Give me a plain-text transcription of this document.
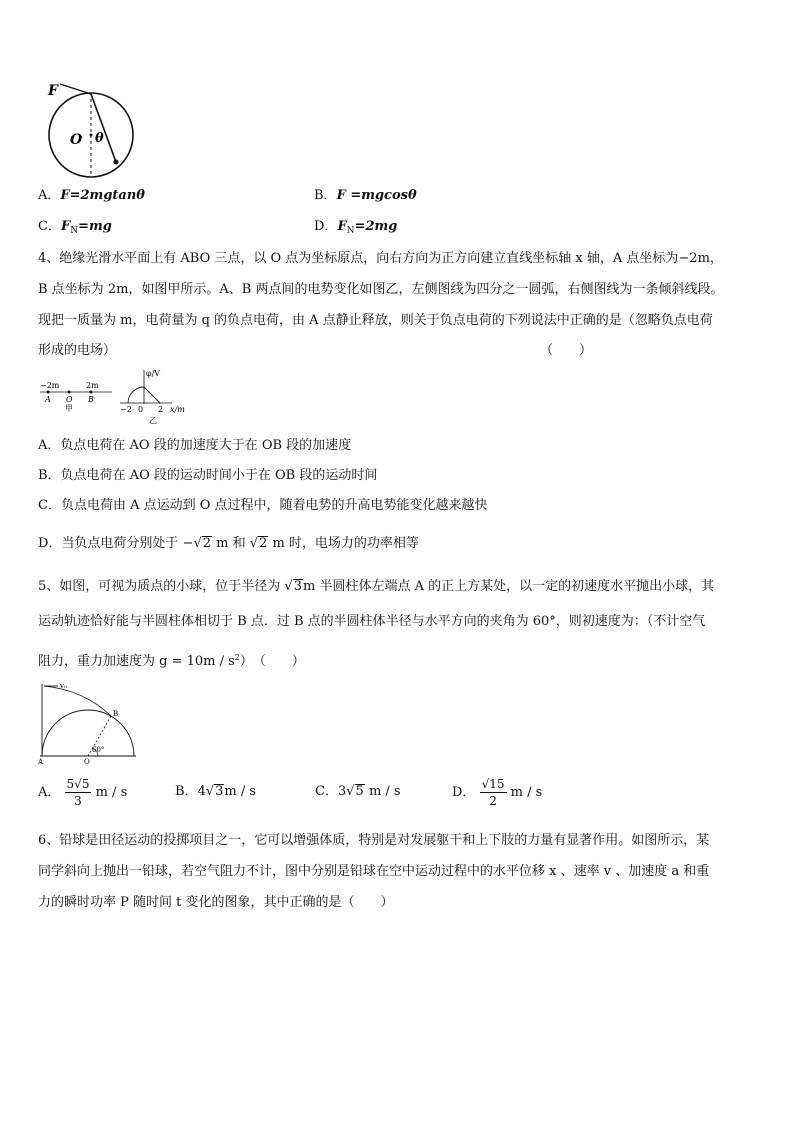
F
O θ
A．F=2mgtanθ	B．F =mgcosθ
C．$F_N=mg$	D．$F_N=2mg$
4、绝缘光滑水平面上有 ABO 三点，以 O 点为坐标原点，向右方向为正方向建立直线坐标轴 x 轴，A 点坐标为−2m，
B 点坐标为 2m，如图甲所示。A、B 两点间的电势变化如图乙，左侧图线为四分之一圆弧，右侧图线为一条倾斜线段。
现把一质量为 m，电荷量为 q 的负点电荷，由 A 点静止释放，则关于负点电荷的下列说法中正确的是（忽略负点电荷
形成的电场）	（　　）
−2m	2m
A O B
甲
φ/V
x/m
−2 0 2
乙
A．负点电荷在 AO 段的加速度大于在 OB 段的加速度
B．负点电荷在 AO 段的运动时间小于在 OB 段的运动时间
C．负点电荷由 A 点运动到 O 点过程中，随着电势的升高电势能变化越来越快
D．当负点电荷分别处于 −√2 m 和 √2 m 时，电场力的功率相等
5、如图，可视为质点的小球，位于半径为 √3m 半圆柱体左端点 A 的正上方某处，以一定的初速度水平抛出小球，其
运动轨迹恰好能与半圆柱体相切于 B 点．过 B 点的半圆柱体半径与水平方向的夹角为 60°，则初速度为：（不计空气
阻力，重力加速度为 $g = 10m / s^2$）　（　　）
v₀
B
A	O
60°
A． $\frac{5√5}{3}$ m / s	B．4√3m / s	C．3√5 m / s	D． $\frac{√15}{2}$ m / s
6、铅球是田径运动的投掷项目之一，它可以增强体质，特别是对发展躯干和上下肢的力量有显著作用。如图所示，某
同学斜向上抛出一铅球，若空气阻力不计，图中分别是铅球在空中运动过程中的水平位移 x 、速率 v 、加速度 a 和重
力的瞬时功率 P 随时间 t 变化的图象，其中正确的是（　　）
